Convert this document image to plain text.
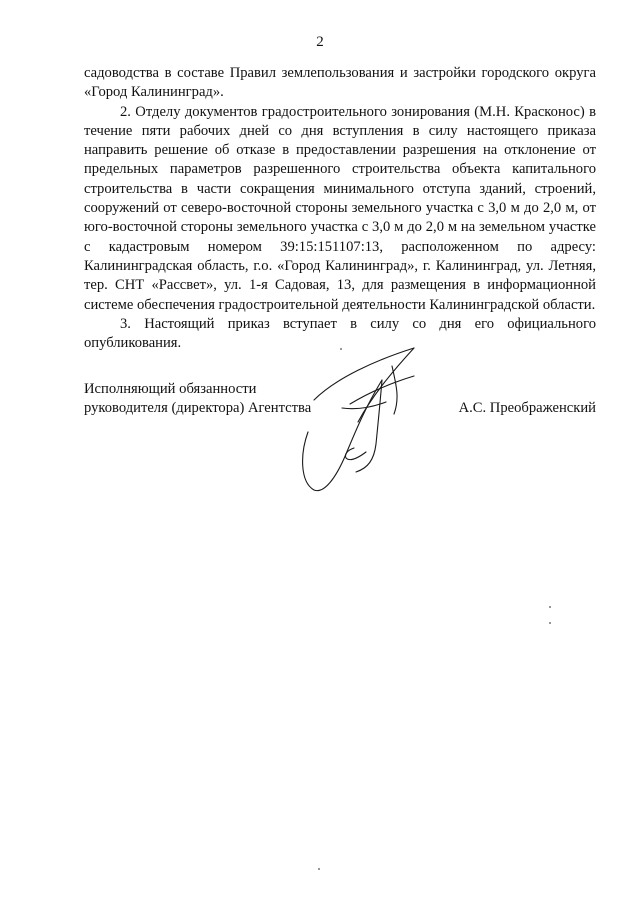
2

садоводства в составе Правил землепользования и застройки городского округа «Город Калининград».

2. Отделу документов градостроительного зонирования (М.Н. Красконос) в течение пяти рабочих дней со дня вступления в силу настоящего приказа направить решение об отказе в предоставлении разрешения на отклонение от предельных параметров разрешенного строительства объекта капитального строительства в части сокращения минимального отступа зданий, строений, сооружений от северо-восточной стороны земельного участка с 3,0 м до 2,0 м, от юго-восточной стороны земельного участка с 3,0 м до 2,0 м на земельном участке с кадастровым номером 39:15:151107:13, расположенном по адресу: Калининградская область, г.о. «Город Калининград», г. Калининград, ул. Летняя, тер. СНТ «Рассвет», ул. 1-я Садовая, 13, для размещения в информационной системе обеспечения градостроительной деятельности Калининградской области.

3. Настоящий приказ вступает в силу со дня его официального опубликования.

Исполняющий обязанности
руководителя (директора) Агентства	А.С. Преображенский
